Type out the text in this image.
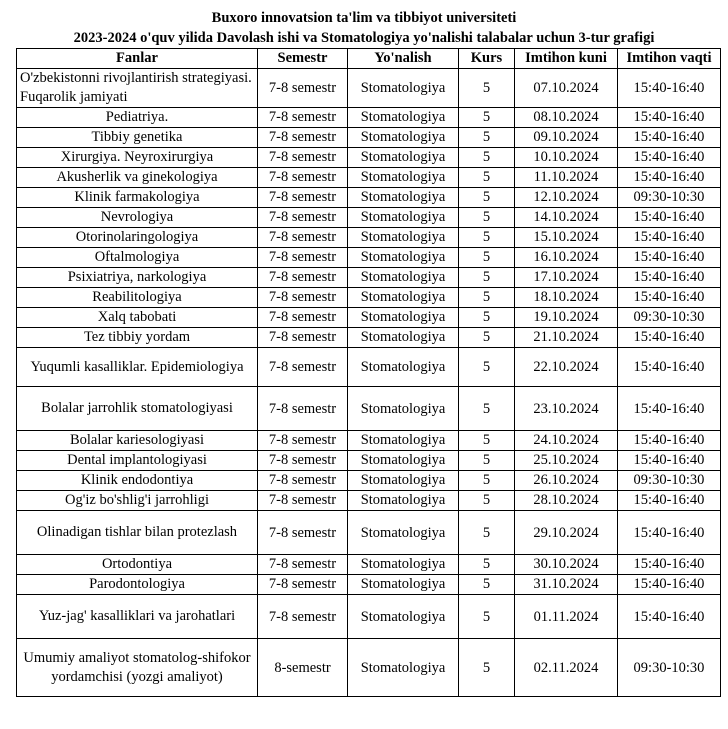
Buxoro innovatsion ta'lim va tibbiyot universiteti
2023-2024 o'quv yilida Davolash ishi va Stomatologiya yo'nalishi talabalar uchun 3-tur grafigi
Fanlar	Semestr	Yo'nalish	Kurs	Imtihon kuni	Imtihon vaqti
O'zbekistonni rivojlantirish strategiyasi. Fuqarolik jamiyati	7-8 semestr	Stomatologiya	5	07.10.2024	15:40-16:40
Pediatriya.	7-8 semestr	Stomatologiya	5	08.10.2024	15:40-16:40
Tibbiy genetika	7-8 semestr	Stomatologiya	5	09.10.2024	15:40-16:40
Xirurgiya. Neyroxirurgiya	7-8 semestr	Stomatologiya	5	10.10.2024	15:40-16:40
Akusherlik va ginekologiya	7-8 semestr	Stomatologiya	5	11.10.2024	15:40-16:40
Klinik farmakologiya	7-8 semestr	Stomatologiya	5	12.10.2024	09:30-10:30
Nevrologiya	7-8 semestr	Stomatologiya	5	14.10.2024	15:40-16:40
Otorinolaringologiya	7-8 semestr	Stomatologiya	5	15.10.2024	15:40-16:40
Oftalmologiya	7-8 semestr	Stomatologiya	5	16.10.2024	15:40-16:40
Psixiatriya, narkologiya	7-8 semestr	Stomatologiya	5	17.10.2024	15:40-16:40
Reabilitologiya	7-8 semestr	Stomatologiya	5	18.10.2024	15:40-16:40
Xalq tabobati	7-8 semestr	Stomatologiya	5	19.10.2024	09:30-10:30
Tez tibbiy yordam	7-8 semestr	Stomatologiya	5	21.10.2024	15:40-16:40
Yuqumli kasalliklar. Epidemiologiya	7-8 semestr	Stomatologiya	5	22.10.2024	15:40-16:40
Bolalar jarrohlik stomatologiyasi	7-8 semestr	Stomatologiya	5	23.10.2024	15:40-16:40
Bolalar kariesologiyasi	7-8 semestr	Stomatologiya	5	24.10.2024	15:40-16:40
Dental implantologiyasi	7-8 semestr	Stomatologiya	5	25.10.2024	15:40-16:40
Klinik endodontiya	7-8 semestr	Stomatologiya	5	26.10.2024	09:30-10:30
Og'iz bo'shlig'i jarrohligi	7-8 semestr	Stomatologiya	5	28.10.2024	15:40-16:40
Olinadigan tishlar bilan protezlash	7-8 semestr	Stomatologiya	5	29.10.2024	15:40-16:40
Ortodontiya	7-8 semestr	Stomatologiya	5	30.10.2024	15:40-16:40
Parodontologiya	7-8 semestr	Stomatologiya	5	31.10.2024	15:40-16:40
Yuz-jag' kasalliklari va jarohatlari	7-8 semestr	Stomatologiya	5	01.11.2024	15:40-16:40
Umumiy amaliyot stomatolog-shifokor yordamchisi (yozgi amaliyot)	8-semestr	Stomatologiya	5	02.11.2024	09:30-10:30
